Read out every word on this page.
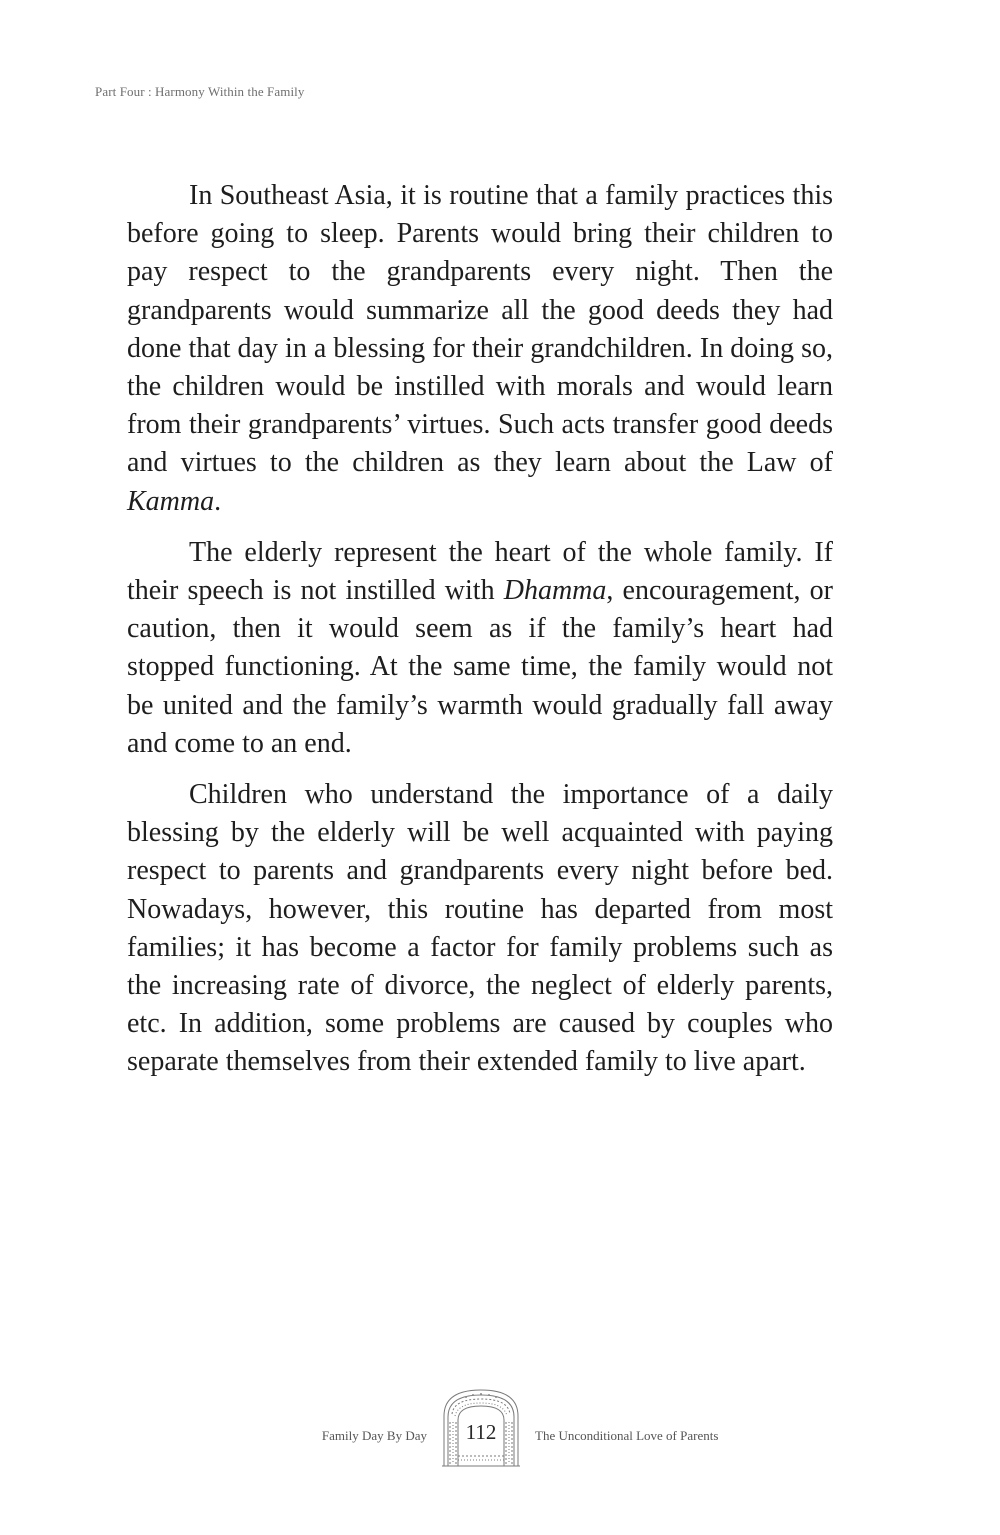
Part Four : Harmony Within the Family

In Southeast Asia, it is routine that a family practices this before going to sleep. Parents would bring their children to pay respect to the grandparents every night. Then the grandparents would summarize all the good deeds they had done that day in a blessing for their grandchildren. In doing so, the children would be instilled with morals and would learn from their grandparents’ virtues. Such acts transfer good deeds and virtues to the children as they learn about the Law of Kamma.

The elderly represent the heart of the whole family. If their speech is not instilled with Dhamma, encouragement, or caution, then it would seem as if the family’s heart had stopped functioning. At the same time, the family would not be united and the family’s warmth would gradually fall away and come to an end.

Children who understand the importance of a daily blessing by the elderly will be well acquainted with paying respect to parents and grandparents every night before bed. Nowadays, however, this routine has departed from most families; it has become a factor for family problems such as the increasing rate of divorce, the neglect of elderly parents, etc. In addition, some problems are caused by couples who separate themselves from their extended family to live apart.

Family Day By Day	112	The Unconditional Love of Parents
